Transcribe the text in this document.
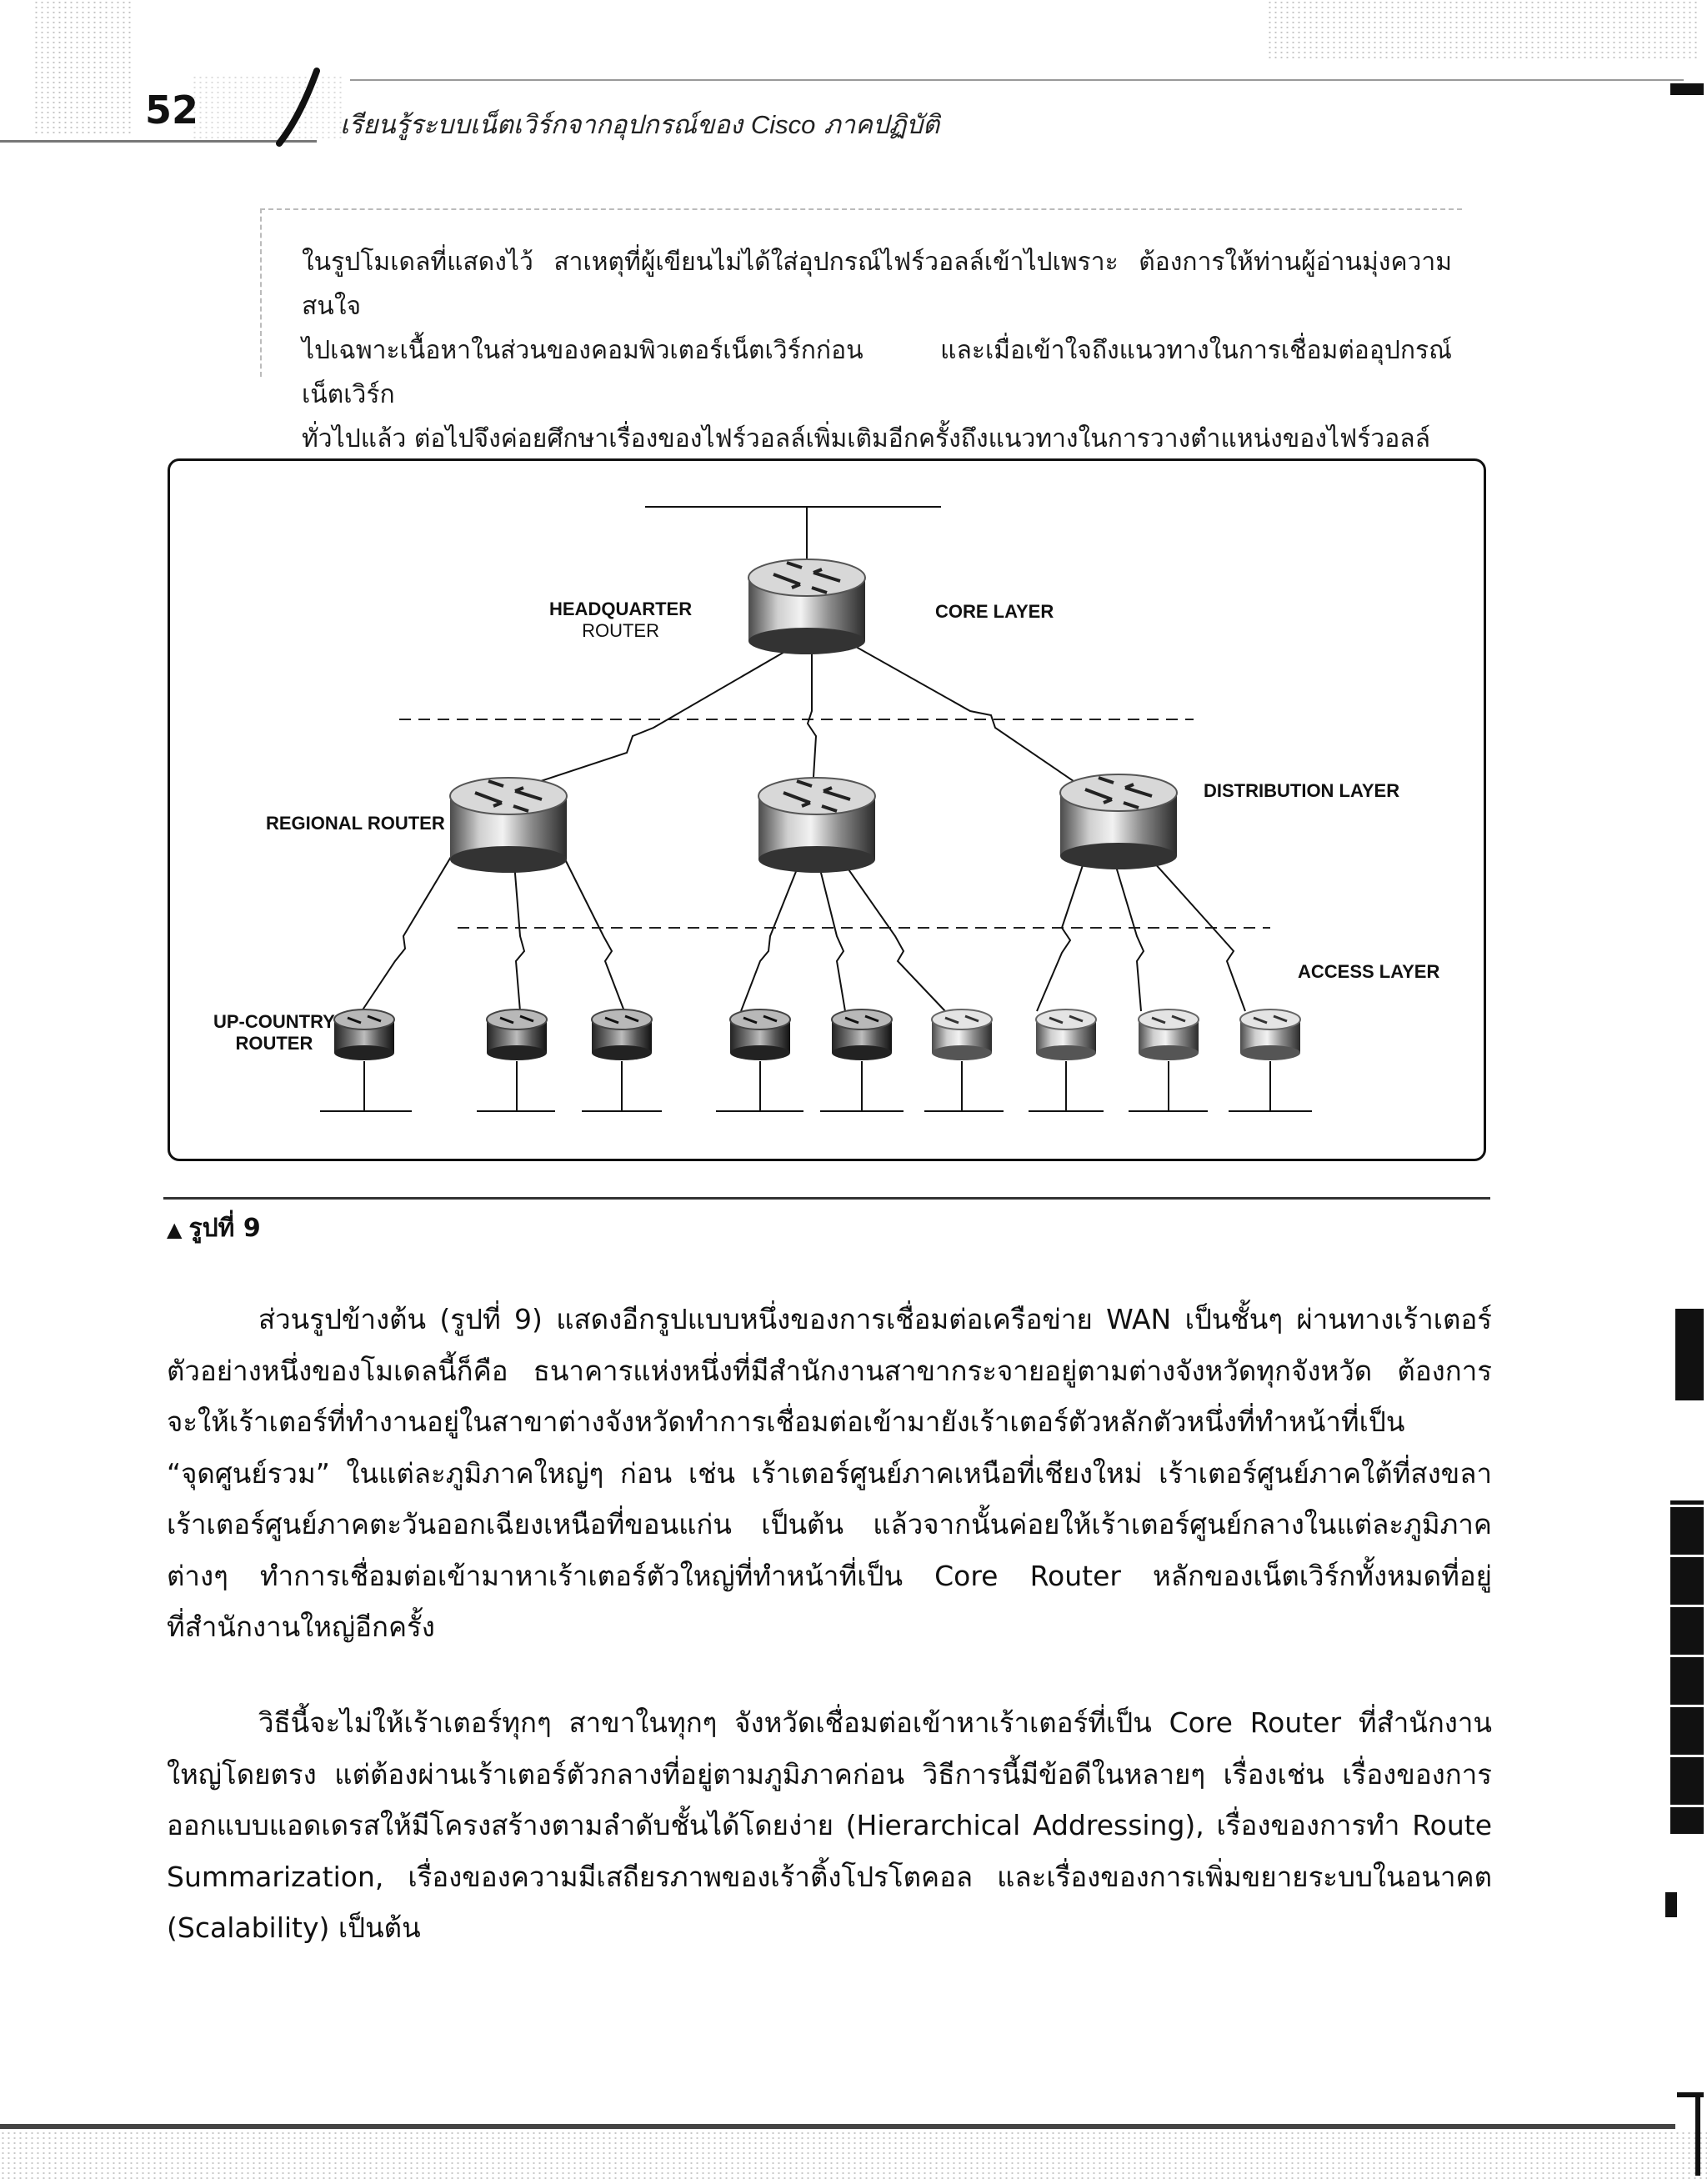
52	เรียนรู้ระบบเน็ตเวิร์กจากอุปกรณ์ของ Cisco ภาคปฏิบัติ
ในรูปโมเดลที่แสดงไว้ สาเหตุที่ผู้เขียนไม่ได้ใส่อุปกรณ์ไฟร์วอลล์เข้าไปเพราะ ต้องการให้ท่านผู้อ่านมุ่งความสนใจ
ไปเฉพาะเนื้อหาในส่วนของคอมพิวเตอร์เน็ตเวิร์กก่อน และเมื่อเข้าใจถึงแนวทางในการเชื่อมต่ออุปกรณ์เน็ตเวิร์ก
ทั่วไปแล้ว ต่อไปจึงค่อยศึกษาเรื่องของไฟร์วอลล์เพิ่มเติมอีกครั้งถึงแนวทางในการวางตำแหน่งของไฟร์วอลล์
HEADQUARTER
ROUTER
CORE LAYER
DISTRIBUTION LAYER
REGIONAL ROUTER
ACCESS LAYER
UP-COUNTRY
ROUTER
▲ รูปที่ 9
ส่วนรูปข้างต้น (รูปที่ 9) แสดงอีกรูปแบบหนึ่งของการเชื่อมต่อเครือข่าย WAN เป็นชั้นๆ ผ่านทางเร้าเตอร์
ตัวอย่างหนึ่งของโมเดลนี้ก็คือ ธนาคารแห่งหนึ่งที่มีสำนักงานสาขากระจายอยู่ตามต่างจังหวัดทุกจังหวัด ต้องการ
จะให้เร้าเตอร์ที่ทำงานอยู่ในสาขาต่างจังหวัดทำการเชื่อมต่อเข้ามายังเร้าเตอร์ตัวหลักตัวหนึ่งที่ทำหน้าที่เป็น
“จุดศูนย์รวม” ในแต่ละภูมิภาคใหญ่ๆ ก่อน เช่น เร้าเตอร์ศูนย์ภาคเหนือที่เชียงใหม่ เร้าเตอร์ศูนย์ภาคใต้ที่สงขลา
เร้าเตอร์ศูนย์ภาคตะวันออกเฉียงเหนือที่ขอนแก่น เป็นต้น แล้วจากนั้นค่อยให้เร้าเตอร์ศูนย์กลางในแต่ละภูมิภาค
ต่างๆ ทำการเชื่อมต่อเข้ามาหาเร้าเตอร์ตัวใหญ่ที่ทำหน้าที่เป็น Core Router หลักของเน็ตเวิร์กทั้งหมดที่อยู่
ที่สำนักงานใหญ่อีกครั้ง
วิธีนี้จะไม่ให้เร้าเตอร์ทุกๆ สาขาในทุกๆ จังหวัดเชื่อมต่อเข้าหาเร้าเตอร์ที่เป็น Core Router ที่สำนักงาน
ใหญ่โดยตรง แต่ต้องผ่านเร้าเตอร์ตัวกลางที่อยู่ตามภูมิภาคก่อน วิธีการนี้มีข้อดีในหลายๆ เรื่องเช่น เรื่องของการ
ออกแบบแอดเดรสให้มีโครงสร้างตามลำดับชั้นได้โดยง่าย (Hierarchical Addressing), เรื่องของการทำ Route
Summarization, เรื่องของความมีเสถียรภาพของเร้าติ้งโปรโตคอล และเรื่องของการเพิ่มขยายระบบในอนาคต
(Scalability) เป็นต้น
